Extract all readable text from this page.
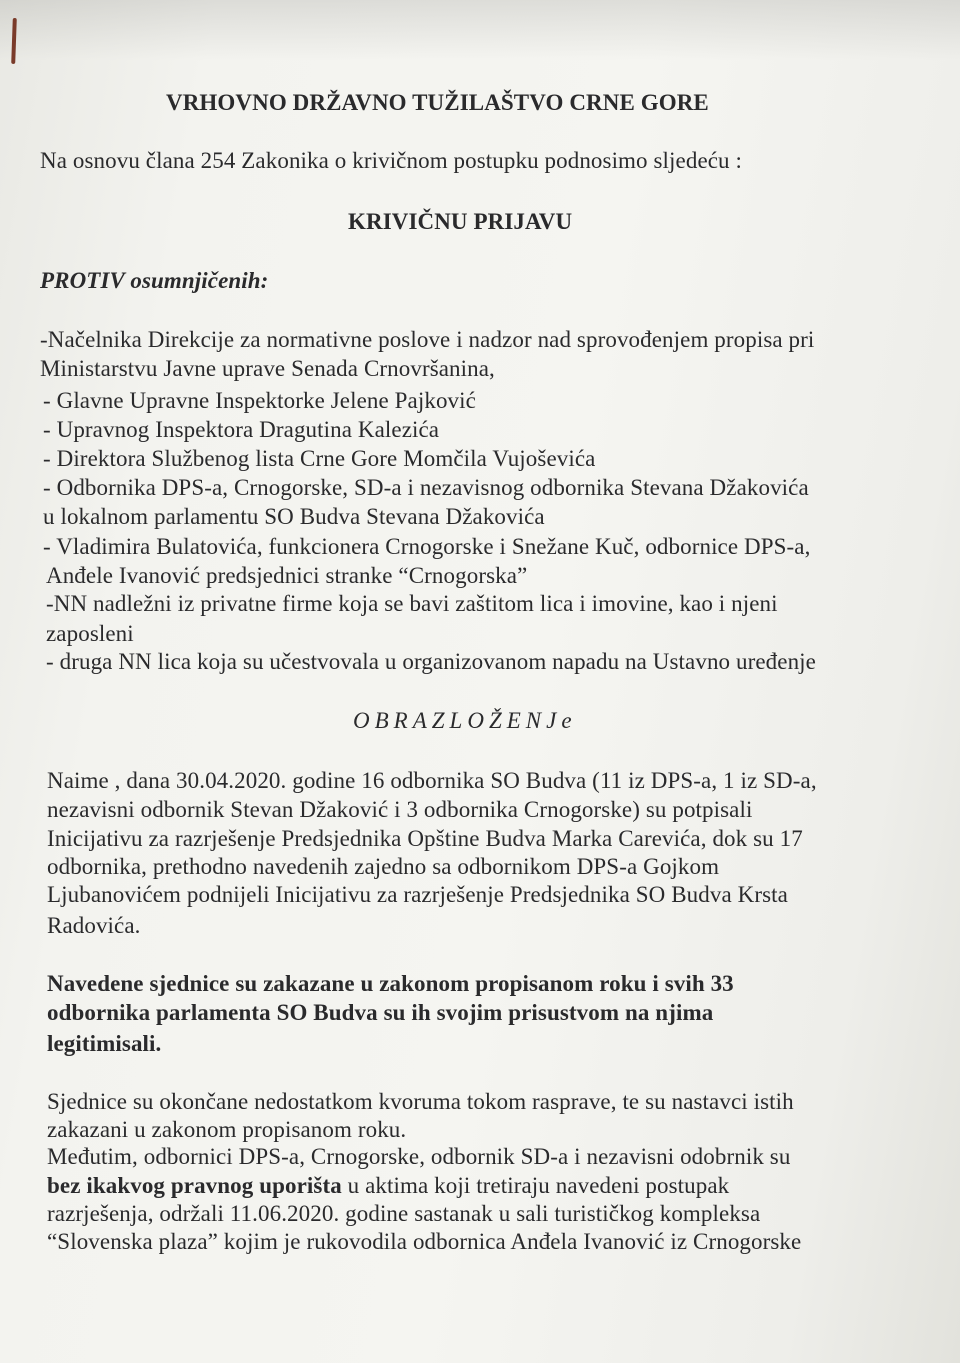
VRHOVNO DRŽAVNO TUŽILAŠTVO CRNE GORE
Na osnovu člana 254 Zakonika o krivičnom postupku podnosimo sljedeću :
KRIVIČNU PRIJAVU
PROTIV osumnjičenih:
-Načelnika Direkcije za normativne poslove i nadzor nad sprovođenjem propisa pri
Ministarstvu Javne uprave Senada Crnovršanina,
- Glavne Upravne Inspektorke Jelene Pajković
- Upravnog Inspektora Dragutina Kalezića
- Direktora Službenog lista Crne Gore Momčila Vujoševića
- Odbornika DPS-a, Crnogorske, SD-a i nezavisnog odbornika Stevana Džakovića
u lokalnom parlamentu SO Budva Stevana Džakovića
- Vladimira Bulatovića, funkcionera Crnogorske i Snežane Kuč, odbornice DPS-a,
Anđele Ivanović predsjednici stranke “Crnogorska”
-NN nadležni iz privatne firme koja se bavi zaštitom lica i imovine, kao i njeni
zaposleni
- druga NN lica koja su učestvovala u organizovanom napadu na Ustavno uređenje
OBRAZLOŽENJe
Naime , dana 30.04.2020. godine 16 odbornika SO Budva (11 iz DPS-a, 1 iz SD-a,
nezavisni odbornik Stevan Džaković i 3 odbornika Crnogorske) su potpisali
Inicijativu za razrješenje Predsjednika Opštine Budva Marka Carevića, dok su 17
odbornika, prethodno navedenih zajedno sa odbornikom DPS-a Gojkom
Ljubanovićem podnijeli Inicijativu za razrješenje Predsjednika SO Budva Krsta
Radovića.
Navedene sjednice su zakazane u zakonom propisanom roku i svih 33
odbornika parlamenta SO Budva su ih svojim prisustvom na njima
legitimisali.
Sjednice su okončane nedostatkom kvoruma tokom rasprave, te su nastavci istih
zakazani u zakonom propisanom roku.
Međutim, odbornici DPS-a, Crnogorske, odbornik SD-a i nezavisni odobrnik su
bez ikakvog pravnog uporišta u aktima koji tretiraju navedeni postupak
razrješenja, održali 11.06.2020. godine sastanak u sali turističkog kompleksa
“Slovenska plaza” kojim je rukovodila odbornica Anđela Ivanović iz Crnogorske
